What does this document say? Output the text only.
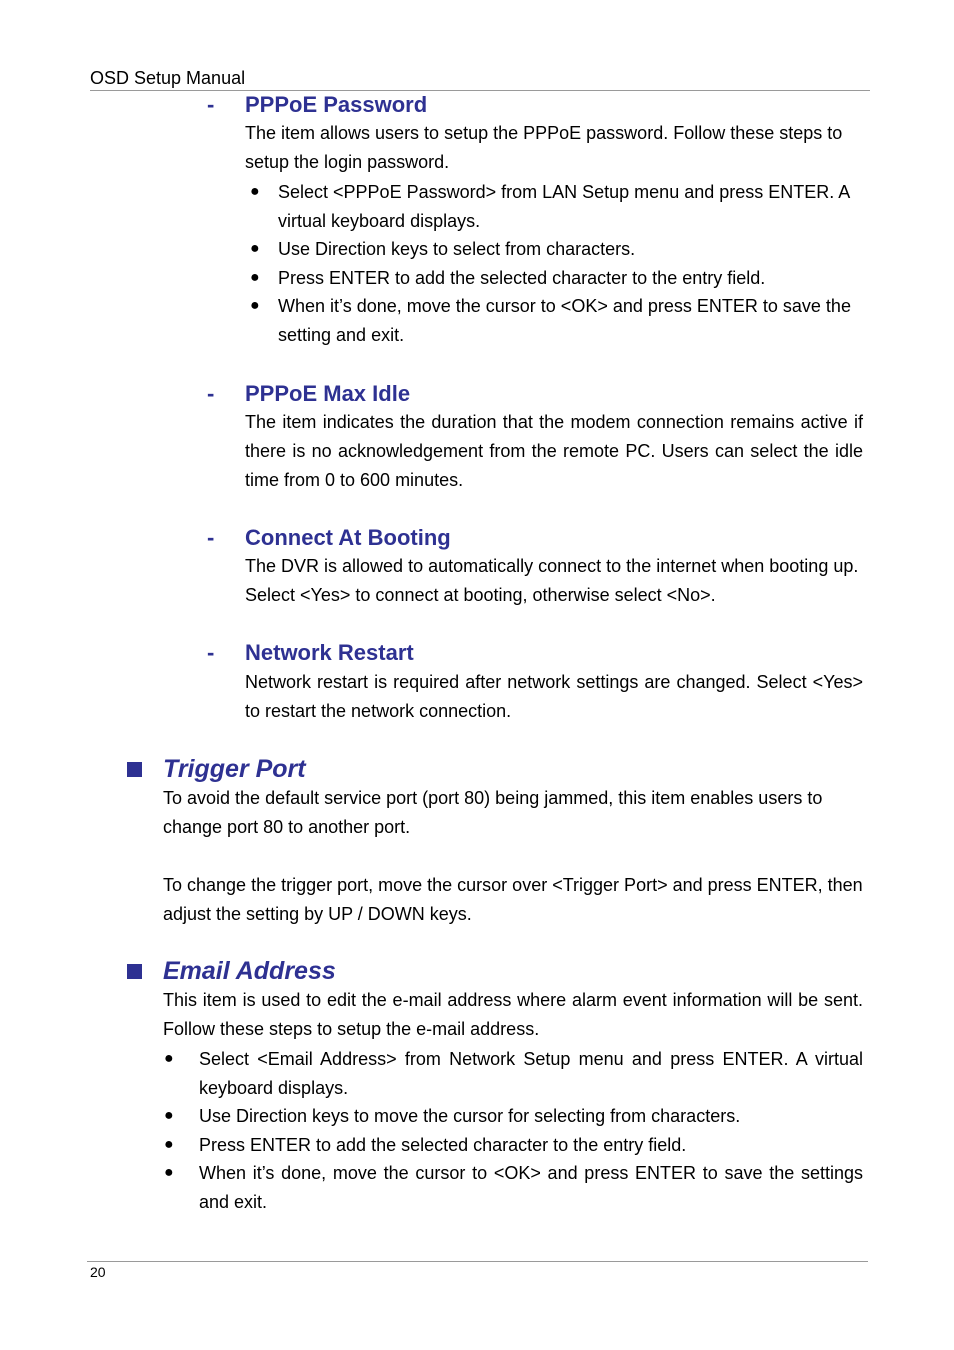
OSD Setup Manual
- PPPoE Password

The item allows users to setup the PPPoE password. Follow these steps to setup the login password.

● Select <PPPoE Password> from LAN Setup menu and press ENTER. A virtual keyboard displays.
● Use Direction keys to select from characters.
● Press ENTER to add the selected character to the entry field.
● When it’s done, move the cursor to <OK> and press ENTER to save the setting and exit.
- PPPoE Max Idle

The item indicates the duration that the modem connection remains active if there is no acknowledgement from the remote PC. Users can select the idle time from 0 to 600 minutes.

- Connect At Booting

The DVR is allowed to automatically connect to the internet when booting up. Select <Yes> to connect at booting, otherwise select <No>.

- Network Restart

Network restart is required after network settings are changed. Select <Yes> to restart the network connection.

Trigger Port

To avoid the default service port (port 80) being jammed, this item enables users to change port 80 to another port.

To change the trigger port, move the cursor over <Trigger Port> and press ENTER, then adjust the setting by UP / DOWN keys.

Email Address

This item is used to edit the e-mail address where alarm event information will be sent. Follow these steps to setup the e-mail address.

● Select <Email Address> from Network Setup menu and press ENTER. A virtual keyboard displays.
● Use Direction keys to move the cursor for selecting from characters.
● Press ENTER to add the selected character to the entry field.
● When it’s done, move the cursor to <OK> and press ENTER to save the settings and exit.
20
